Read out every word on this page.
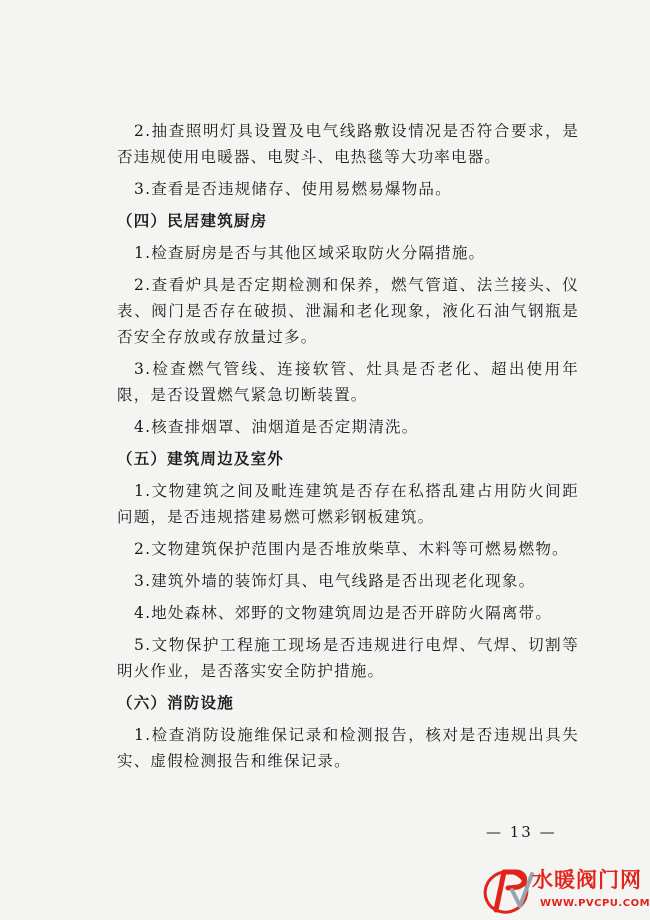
2.抽查照明灯具设置及电气线路敷设情况是否符合要求，是否违规使用电暖器、电熨斗、电热毯等大功率电器。

3.查看是否违规储存、使用易燃易爆物品。

（四）民居建筑厨房

1.检查厨房是否与其他区域采取防火分隔措施。

2.查看炉具是否定期检测和保养，燃气管道、法兰接头、仪表、阀门是否存在破损、泄漏和老化现象，液化石油气钢瓶是否安全存放或存放量过多。

3.检查燃气管线、连接软管、灶具是否老化、超出使用年限，是否设置燃气紧急切断装置。

4.核查排烟罩、油烟道是否定期清洗。

（五）建筑周边及室外

1.文物建筑之间及毗连建筑是否存在私搭乱建占用防火间距问题，是否违规搭建易燃可燃彩钢板建筑。

2.文物建筑保护范围内是否堆放柴草、木料等可燃易燃物。

3.建筑外墙的装饰灯具、电气线路是否出现老化现象。

4.地处森林、郊野的文物建筑周边是否开辟防火隔离带。

5.文物保护工程施工现场是否违规进行电焊、气焊、切割等明火作业，是否落实安全防护措施。

（六）消防设施

1.检查消防设施维保记录和检测报告，核对是否违规出具失实、虚假检测报告和维保记录。

— 13 —
水暖阀门网
WWW.PVCPU.COM
